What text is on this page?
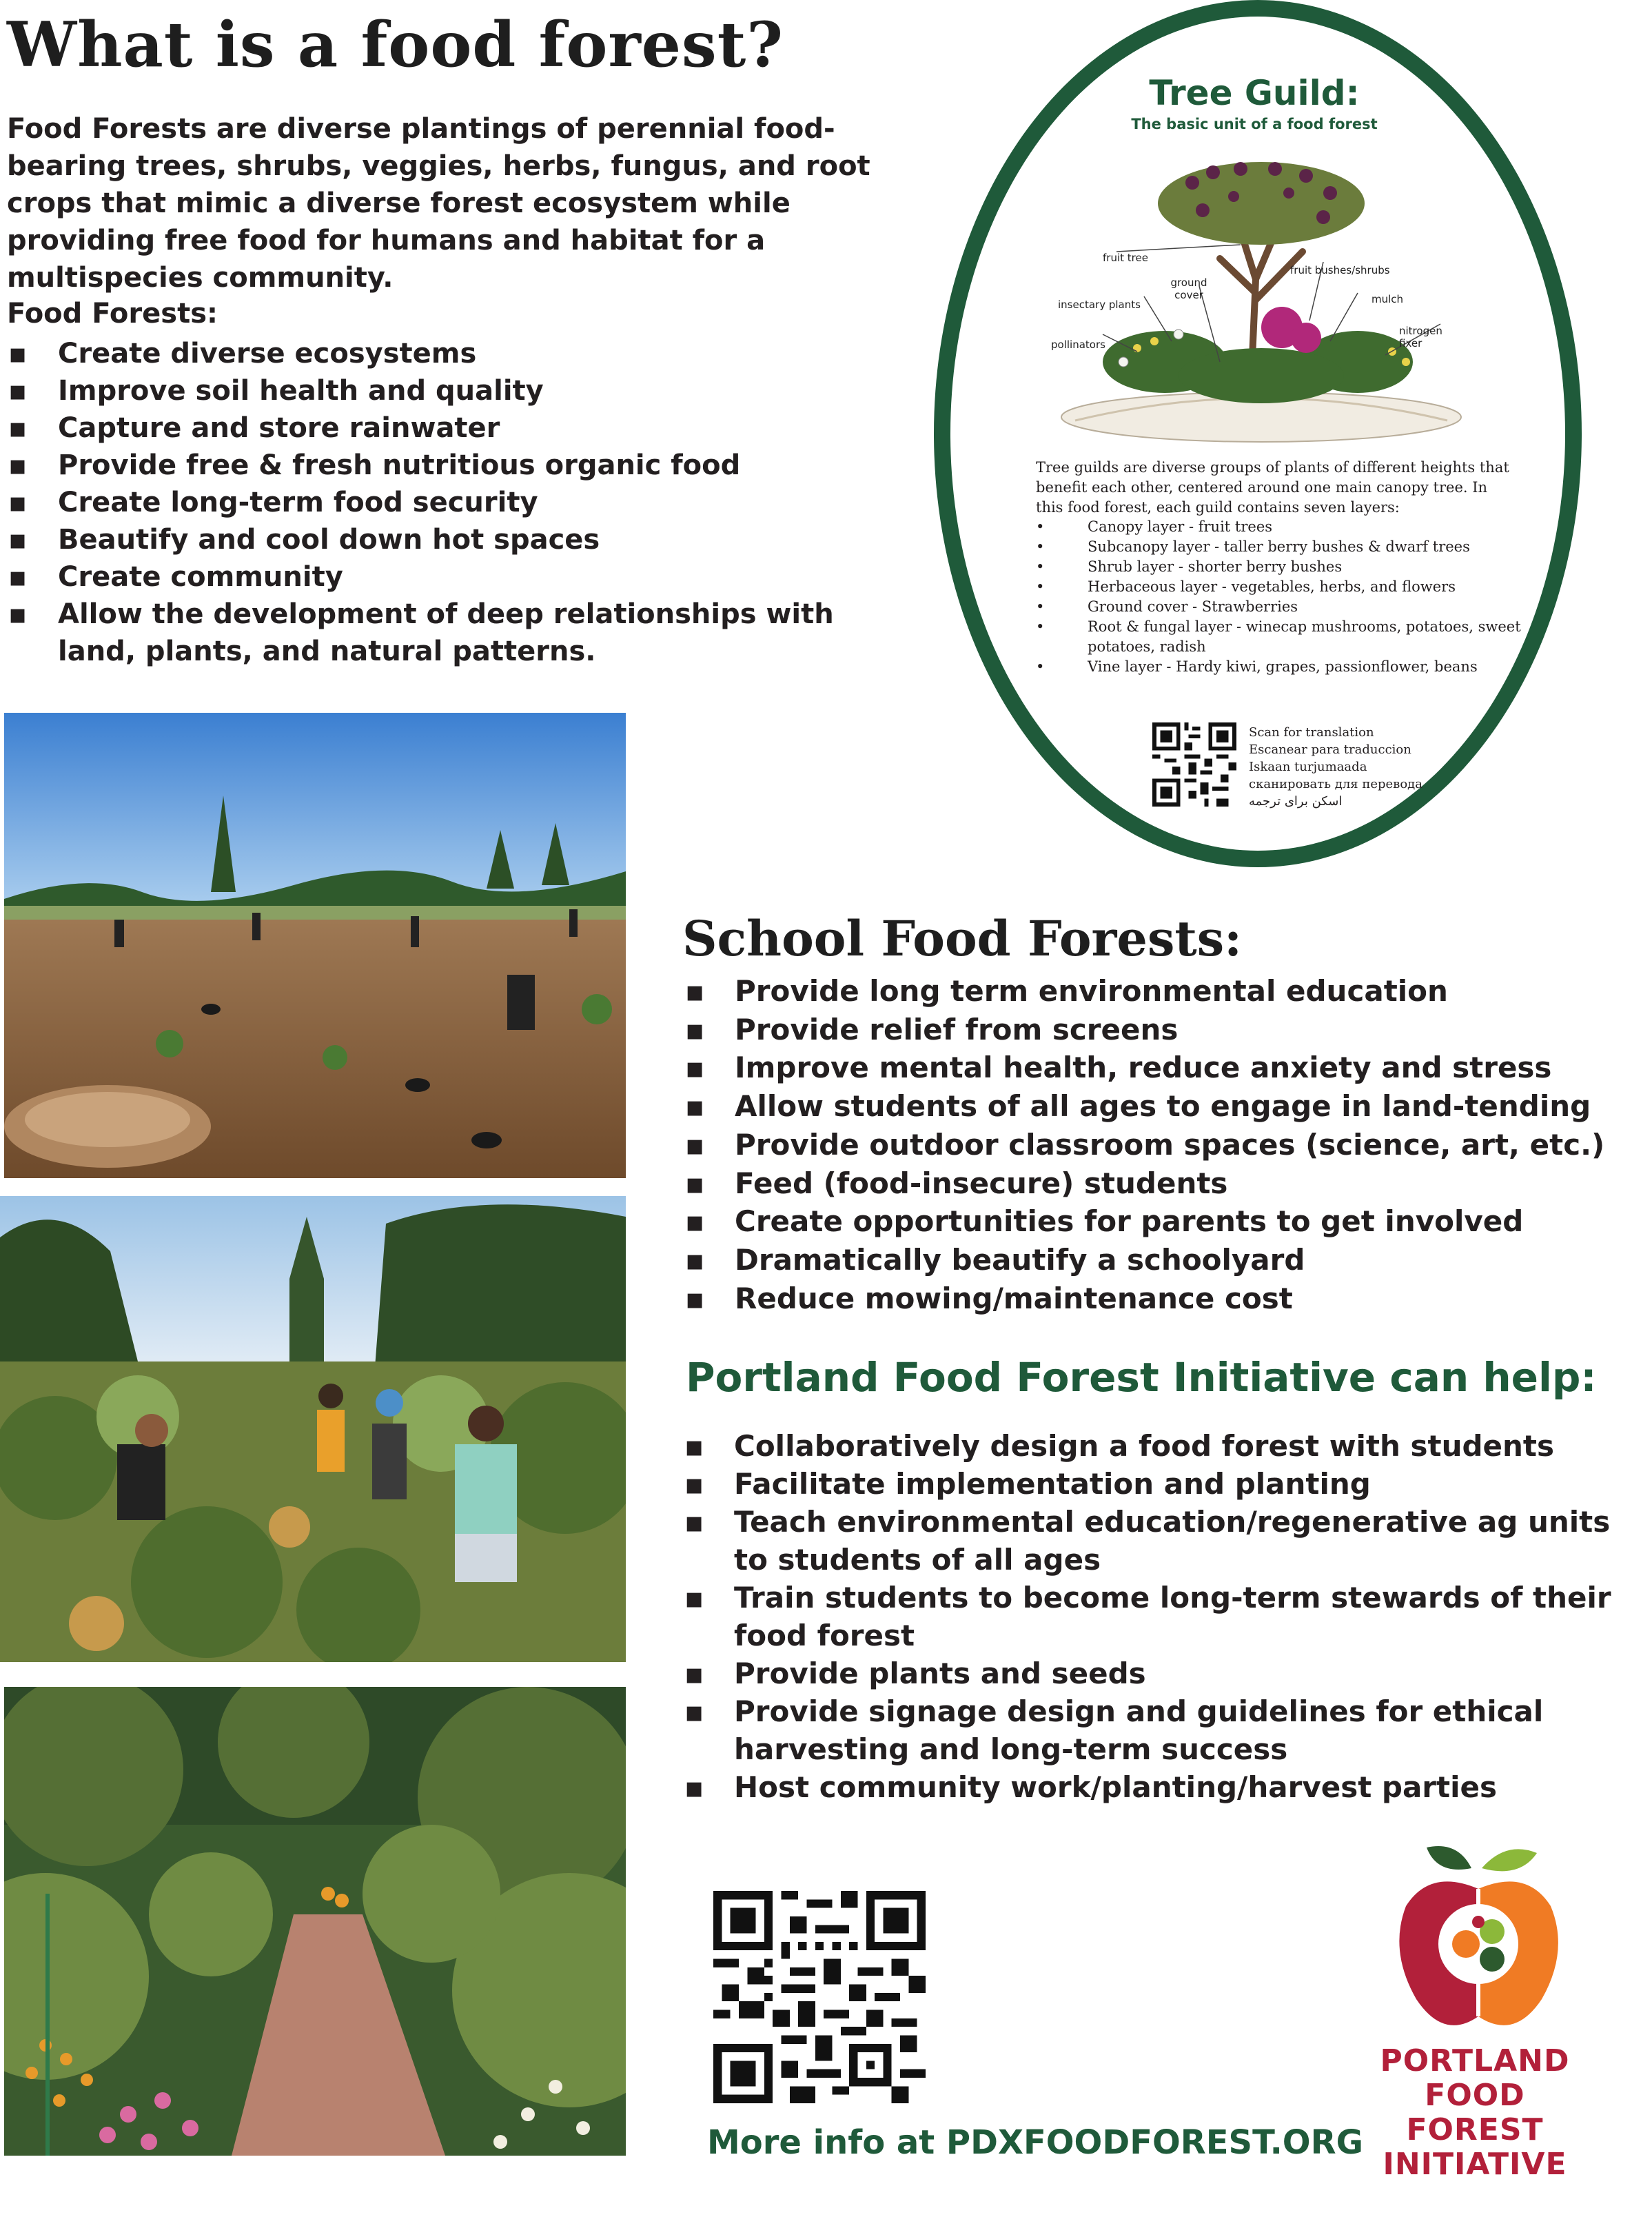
What is a food forest?

Food Forests are diverse plantings of perennial food-bearing trees, shrubs, veggies, herbs, fungus, and root crops that mimic a diverse forest ecosystem while providing free food for humans and habitat for a multispecies community.

Food Forests:

▪ Create diverse ecosystems
▪ Improve soil health and quality
▪ Capture and store rainwater
▪ Provide free & fresh nutritious organic food
▪ Create long-term food security
▪ Beautify and cool down hot spaces
▪ Create community
▪ Allow the development of deep relationships with land, plants, and natural patterns.
Tree Guild:
The basic unit of a food forest
fruit tree
ground cover
fruit bushes/shrubs
insectary plants	mulch
nitrogen fixer
pollinators

Tree guilds are diverse groups of plants of different heights that benefit each other, centered around one main canopy tree. In this food forest, each guild contains seven layers:

• Canopy layer - fruit trees
• Subcanopy layer - taller berry bushes & dwarf trees
• Shrub layer - shorter berry bushes
• Herbaceous layer - vegetables, herbs, and flowers
• Ground cover - Strawberries
• Root & fungal layer - winecap mushrooms, potatoes, sweet potatoes, radish
• Vine layer - Hardy kiwi, grapes, passionflower, beans
Scan for translation
Escanear para traduccion
Iskaan turjumaada
сканировать для перевода
اسکن برای ترجمه
School Food Forests:
▪ Provide long term environmental education
▪ Provide relief from screens
▪ Improve mental health, reduce anxiety and stress
▪ Allow students of all ages to engage in land-tending
▪ Provide outdoor classroom spaces (science, art, etc.)
▪ Feed (food-insecure) students
▪ Create opportunities for parents to get involved
▪ Dramatically beautify a schoolyard
▪ Reduce mowing/maintenance cost
Portland Food Forest Initiative can help:
▪ Collaboratively design a food forest with students
▪ Facilitate implementation and planting
▪ Teach environmental education/regenerative ag units to students of all ages
▪ Train students to become long-term stewards of their food forest
▪ Provide plants and seeds
▪ Provide signage design and guidelines for ethical harvesting and long-term success
▪ Host community work/planting/harvest parties
More info at PDXFOODFOREST.ORG
PORTLAND
FOOD FOREST
INITIATIVE
